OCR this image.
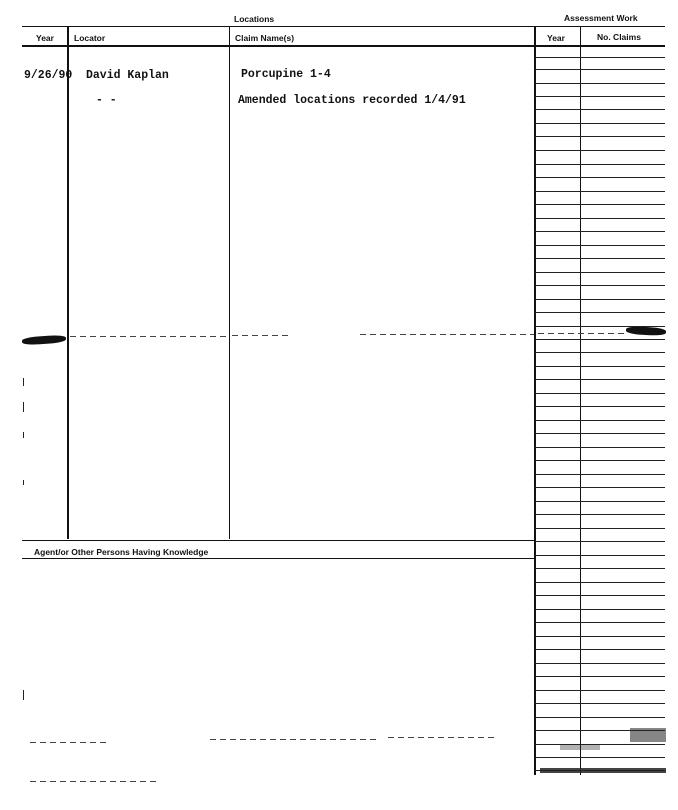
Locations	Assessment Work
Year Locator	Claim Name(s)	Year	No. Claims
Agent/or Other Persons Having Knowledge
9/26/90 David Kaplan	Porcupine 1-4
- -	Amended locations recorded 1/4/91
